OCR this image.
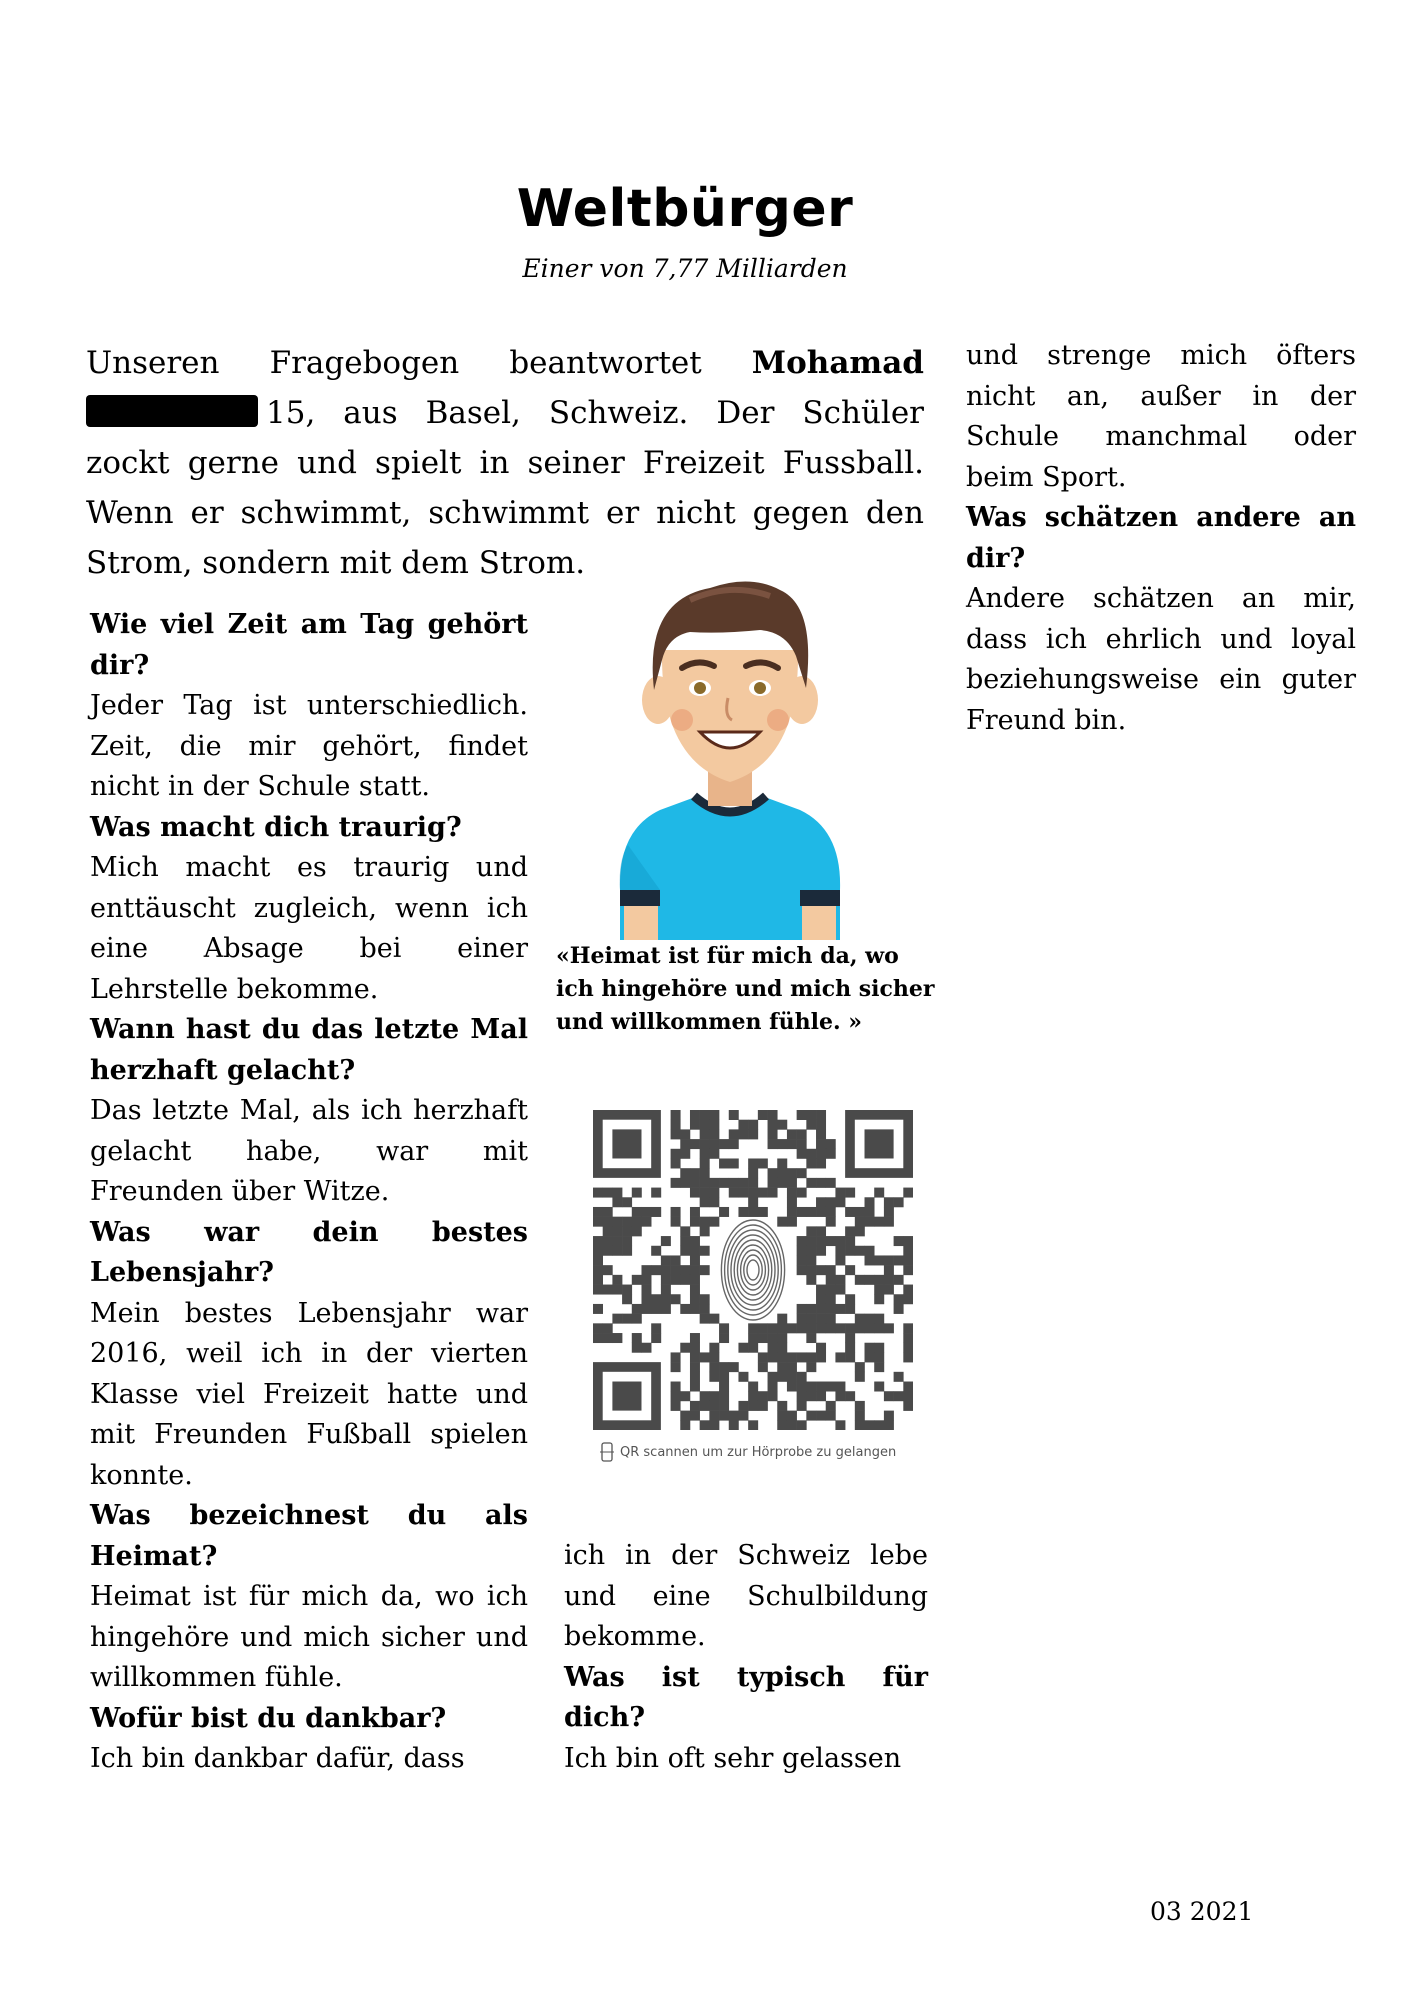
Weltbürger
Einer von 7,77 Milliarden
Unseren Fragebogen beantwortet Mohamad 15, aus Basel, Schweiz. Der Schüler zockt gerne und spielt in seiner Freizeit Fussball. Wenn er schwimmt, schwimmt er nicht gegen den Strom, sondern mit dem Strom.

Wie viel Zeit am Tag gehört dir?

Jeder Tag ist unterschiedlich. Zeit, die mir gehört, findet nicht in der Schule statt.

Was macht dich traurig?

Mich macht es traurig und enttäuscht zugleich, wenn ich eine Absage bei einer Lehrstelle bekomme.

Wann hast du das letzte Mal herzhaft gelacht?

Das letzte Mal, als ich herzhaft gelacht habe, war mit Freunden über Witze.

Was war dein bestes Lebensjahr?

Mein bestes Lebensjahr war 2016, weil ich in der vierten Klasse viel Freizeit hatte und mit Freunden Fußball spielen konnte.

Was bezeichnest du als Heimat?

Heimat ist für mich da, wo ich hingehöre und mich sicher und willkommen fühle.

Wofür bist du dankbar?

Ich bin dankbar dafür, dass

«Heimat ist für mich da, wo ich hingehöre und mich sicher und willkommen fühle. »
QR scannen um zur Hörprobe zu gelangen

ich in der Schweiz lebe und eine Schulbildung bekomme.

Was ist typisch für dich?

Ich bin oft sehr gelassen

und strenge mich öfters nicht an, außer in der Schule manchmal oder beim Sport.

Was schätzen andere an dir?

Andere schätzen an mir, dass ich ehrlich und loyal beziehungsweise ein guter Freund bin.

03 2021
